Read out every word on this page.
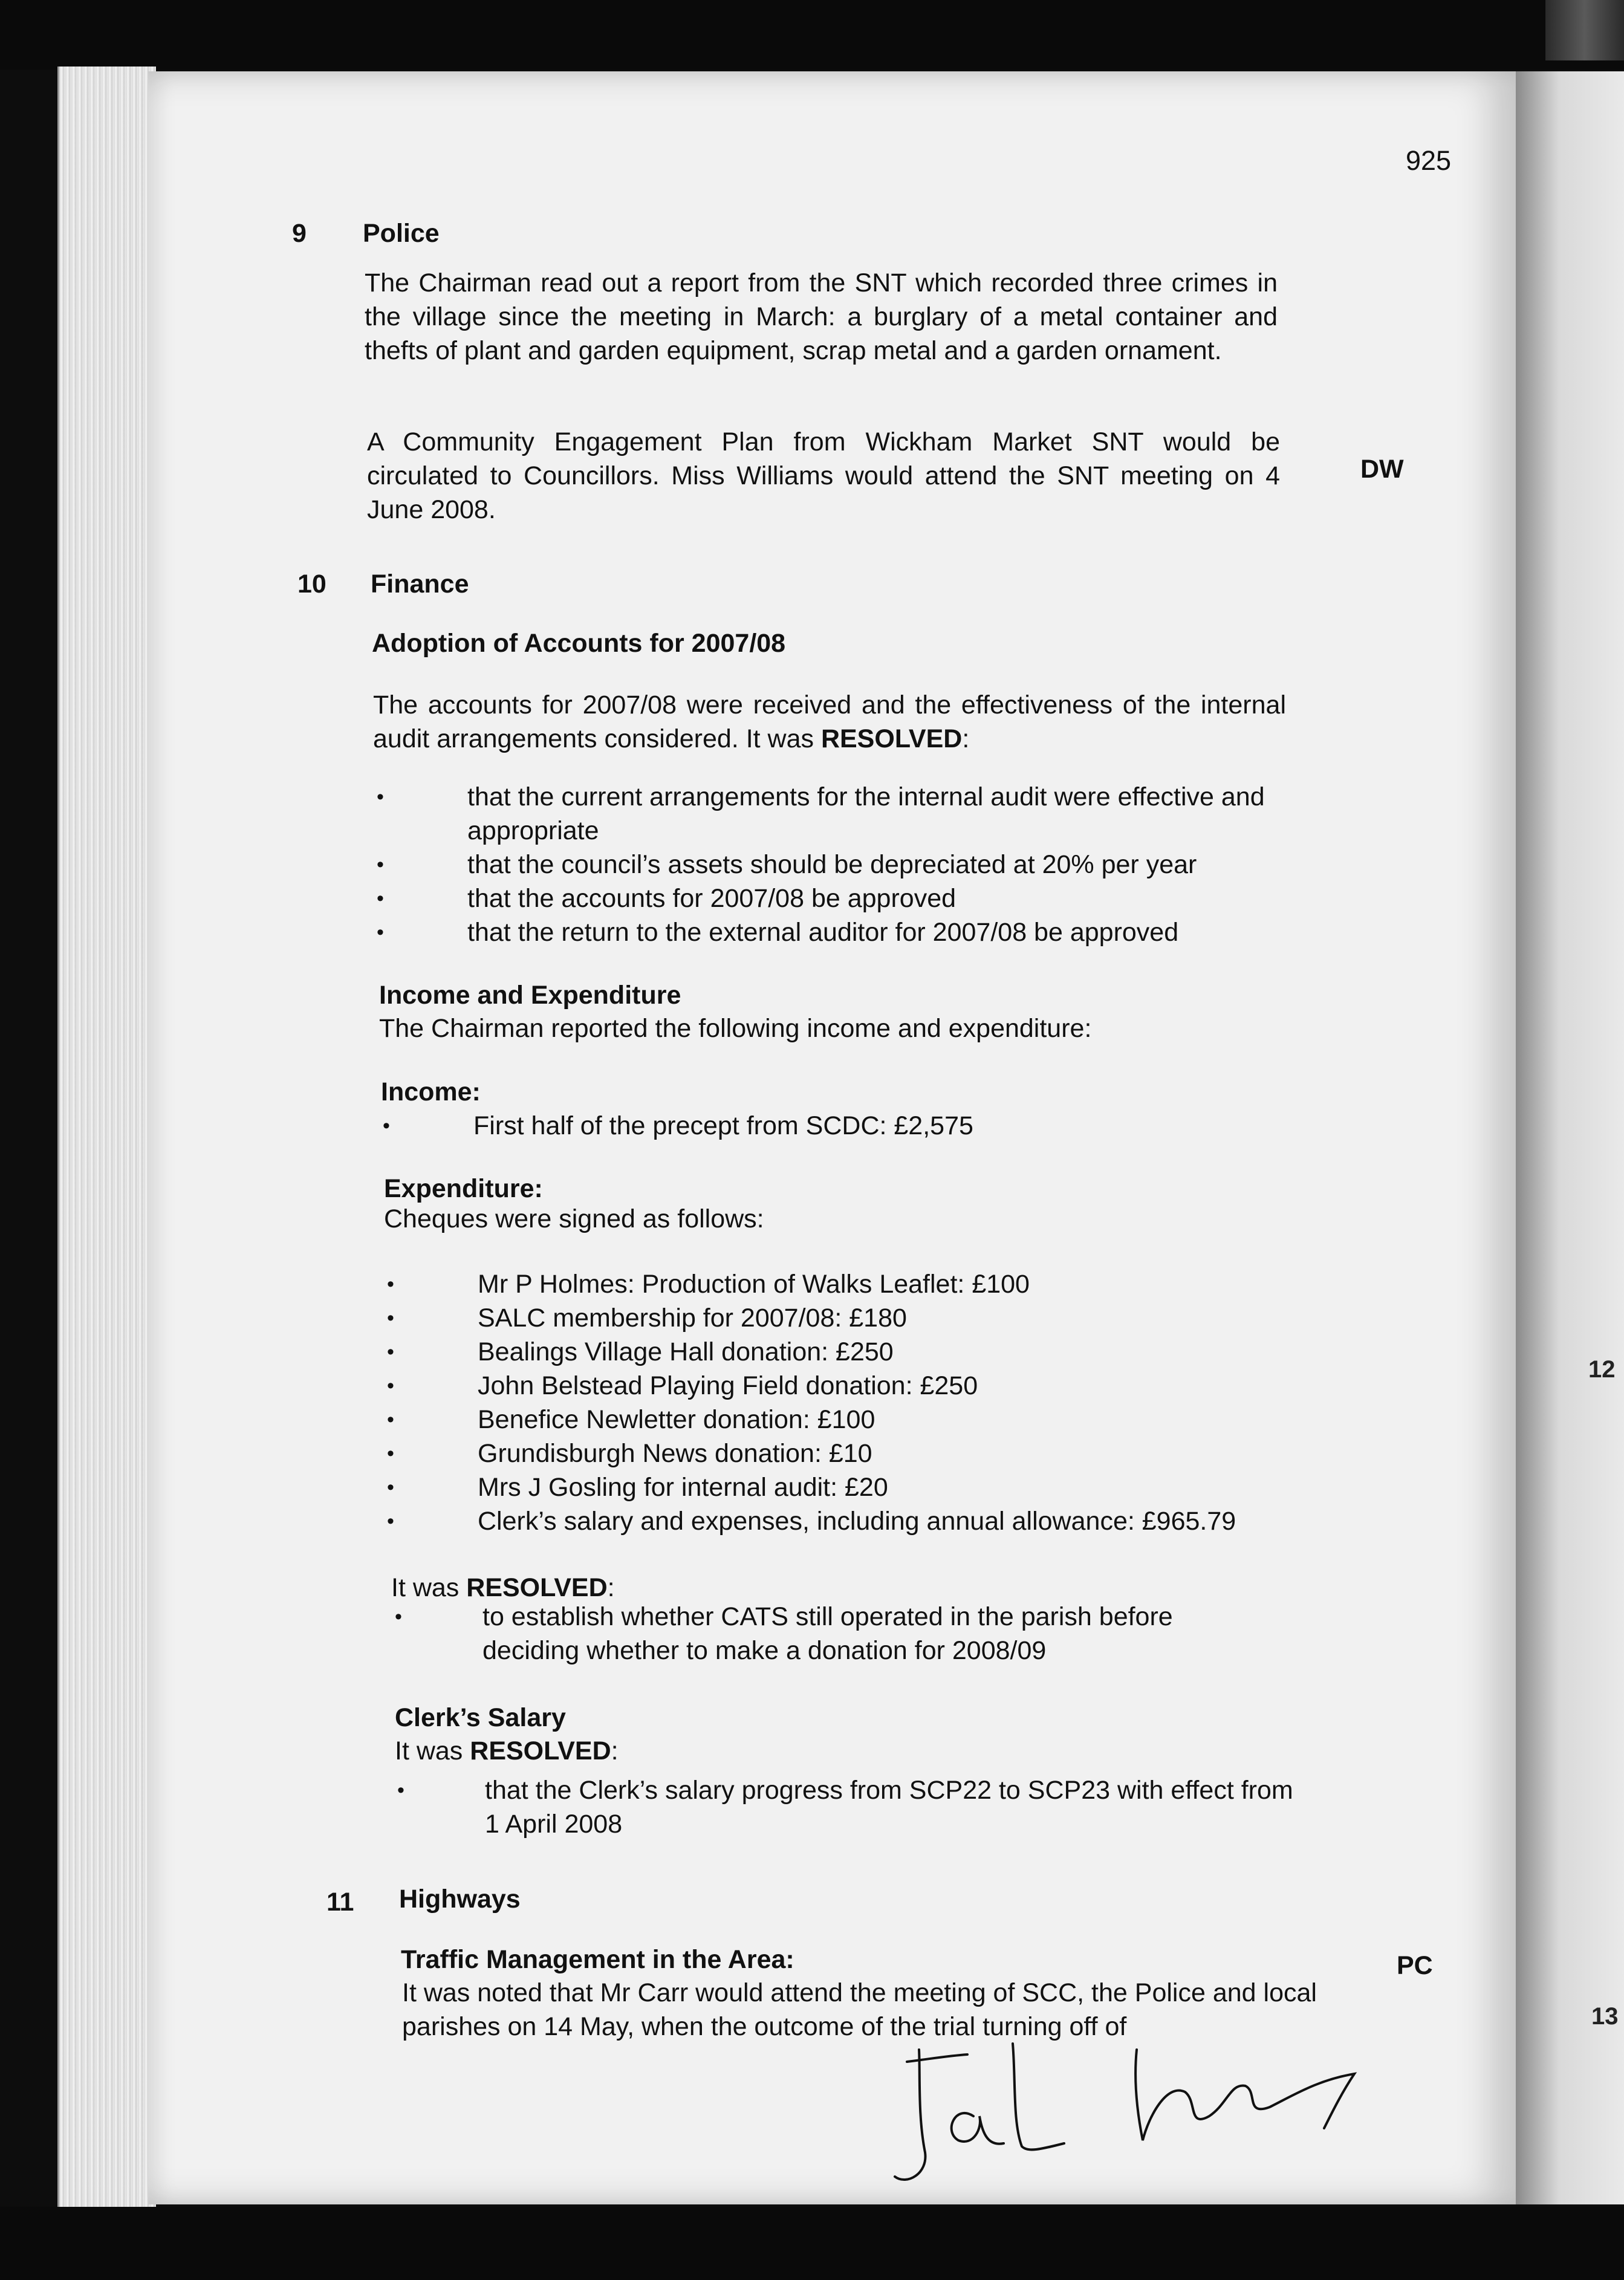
925
9 Police
The Chairman read out a report from the SNT which recorded three crimes in the village since the meeting in March: a burglary of a metal container and thefts of plant and garden equipment, scrap metal and a garden ornament.
A Community Engagement Plan from Wickham Market SNT would be circulated to Councillors. Miss Williams would attend the SNT meeting on 4 June 2008.
DW
10 Finance
Adoption of Accounts for 2007/08
The accounts for 2007/08 were received and the effectiveness of the internal audit arrangements considered. It was RESOLVED:
• that the current arrangements for the internal audit were effective and appropriate
• that the council’s assets should be depreciated at 20% per year
• that the accounts for 2007/08 be approved
• that the return to the external auditor for 2007/08 be approved
Income and Expenditure
The Chairman reported the following income and expenditure:
Income:
• First half of the precept from SCDC: £2,575
Expenditure:
Cheques were signed as follows:
• Mr P Holmes: Production of Walks Leaflet: £100
• SALC membership for 2007/08: £180
• Bealings Village Hall donation: £250
• John Belstead Playing Field donation: £250
• Benefice Newletter donation: £100
• Grundisburgh News donation: £10
• Mrs J Gosling for internal audit: £20
• Clerk’s salary and expenses, including annual allowance: £965.79
It was RESOLVED:
• to establish whether CATS still operated in the parish before deciding whether to make a donation for 2008/09
Clerk’s Salary
It was RESOLVED:
• that the Clerk’s salary progress from SCP22 to SCP23 with effect from 1 April 2008
11 Highways
Traffic Management in the Area:
It was noted that Mr Carr would attend the meeting of SCC, the Police and local parishes on 14 May, when the outcome of the trial turning off of
PC
12
13
